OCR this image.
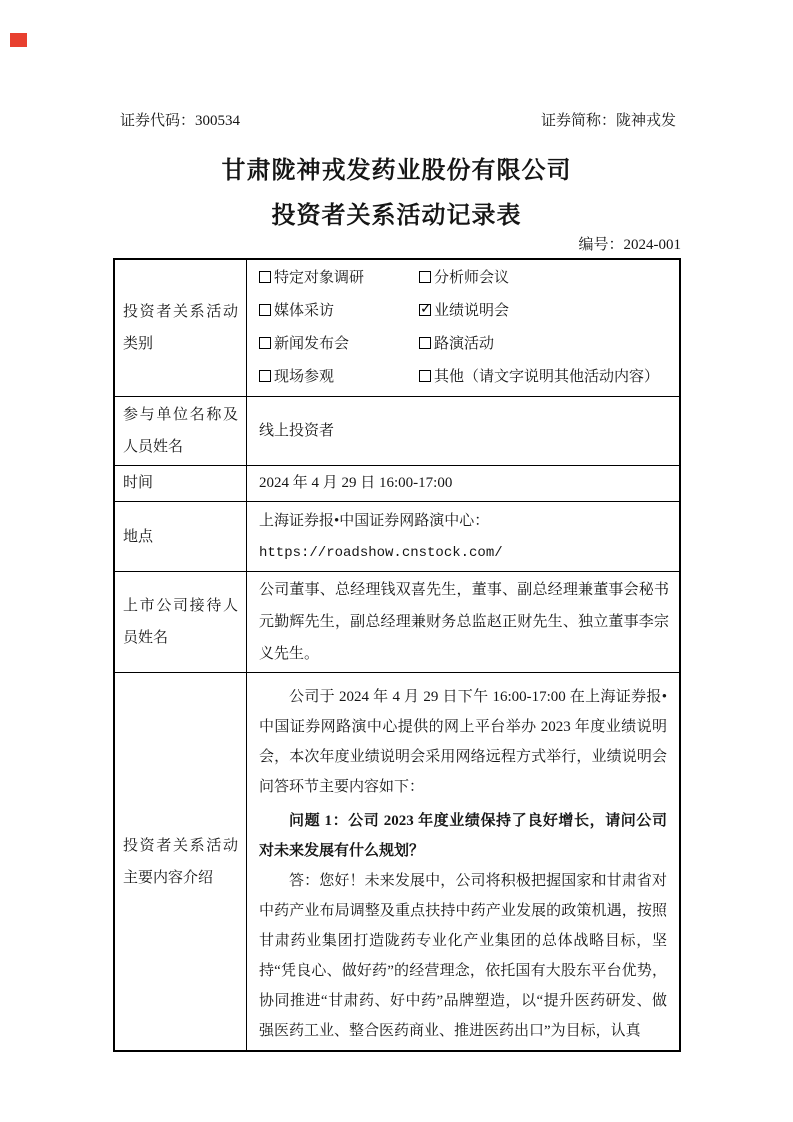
证券代码：300534	证券简称：陇神戎发
甘肃陇神戎发药业股份有限公司
投资者关系活动记录表
编号：2024-001
投资者关系活动类别	
特定对象调研	分析师会议
媒体采访 ✓	业绩说明会
新闻发布会	路演活动
现场参观	其他（请文字说明其他活动内容）

参与单位名称及人员姓名	线上投资者
时间	2024 年 4 月 29 日 16:00-17:00
地点	上海证券报•中国证券网路演中心：
https://roadshow.cnstock.com/

上市公司接待人员姓名	公司董事、总经理钱双喜先生，董事、副总经理兼董事会秘书元勤辉先生，副总经理兼财务总监赵正财先生、独立董事李宗义先生。
投资者关系活动主要内容介绍	公司于 2024 年 4 月 29 日下午 16:00-17:00 在上海证券报•中国证券网路演中心提供的网上平台举办 2023 年度业绩说明会，本次年度业绩说明会采用网络远程方式举行，业绩说明会问答环节主要内容如下：

问题 1：公司 2023 年度业绩保持了良好增长，请问公司对未来发展有什么规划？

答：您好！未来发展中，公司将积极把握国家和甘肃省对中药产业布局调整及重点扶持中药产业发展的政策机遇，按照甘肃药业集团打造陇药专业化产业集团的总体战略目标，坚持“凭良心、做好药”的经营理念，依托国有大股东平台优势，协同推进“甘肃药、好中药”品牌塑造，以“提升医药研发、做强医药工业、整合医药商业、推进医药出口”为目标，认真
